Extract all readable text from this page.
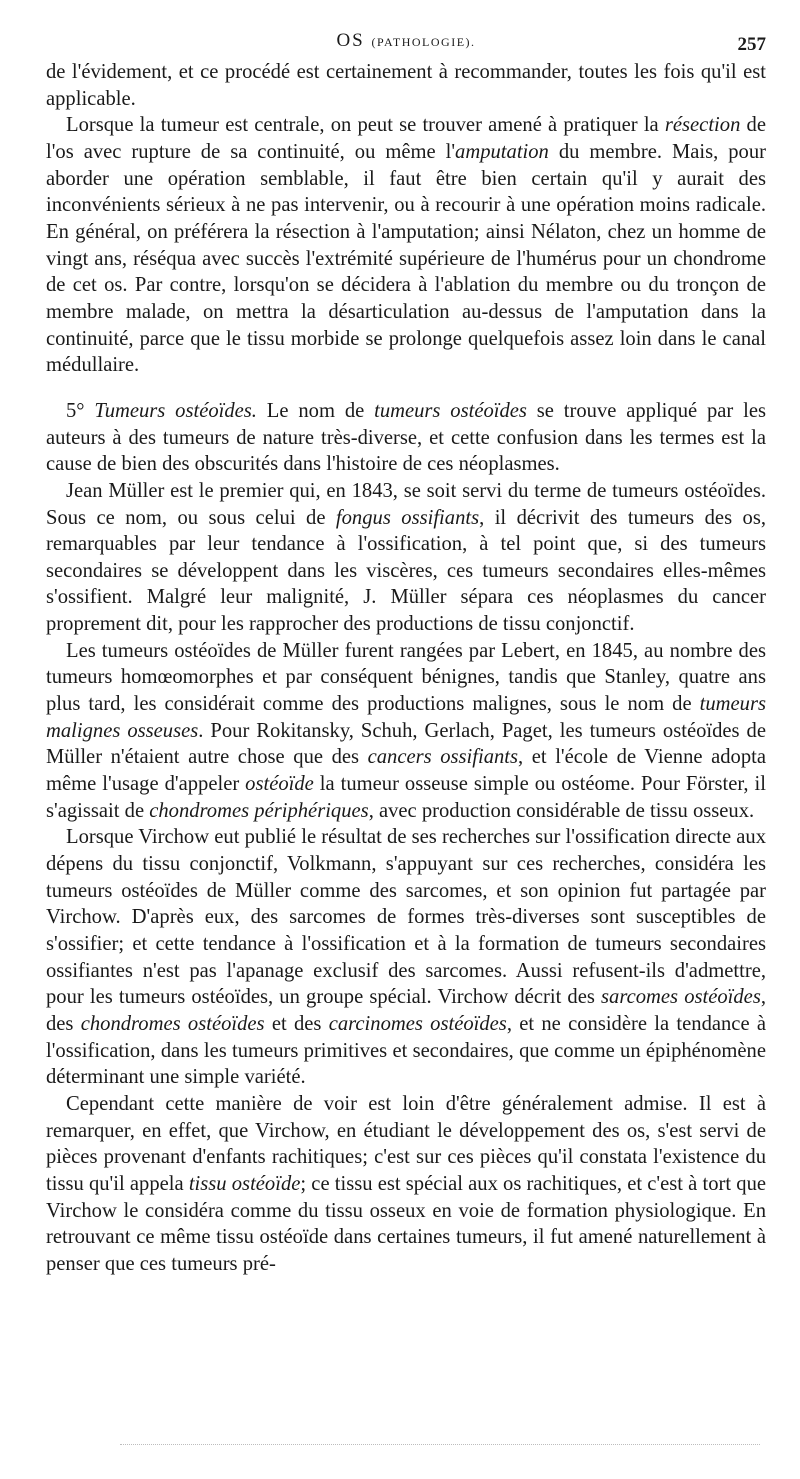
OS (PATHOLOGIE).	257

de l'évidement, et ce procédé est certainement à recommander, toutes les fois qu'il est applicable.

Lorsque la tumeur est centrale, on peut se trouver amené à pratiquer la résection de l'os avec rupture de sa continuité, ou même l'amputation du membre. Mais, pour aborder une opération semblable, il faut être bien certain qu'il y aurait des inconvénients sérieux à ne pas intervenir, ou à recourir à une opération moins radicale. En général, on préférera la résection à l'amputation; ainsi Nélaton, chez un homme de vingt ans, réséqua avec succès l'extrémité supérieure de l'humérus pour un chondrome de cet os. Par contre, lorsqu'on se décidera à l'ablation du membre ou du tronçon de membre malade, on mettra la désarticulation au-dessus de l'amputation dans la continuité, parce que le tissu morbide se prolonge quelquefois assez loin dans le canal médullaire.

5° Tumeurs ostéoïdes. Le nom de tumeurs ostéoïdes se trouve appliqué par les auteurs à des tumeurs de nature très-diverse, et cette confusion dans les termes est la cause de bien des obscurités dans l'histoire de ces néoplasmes.

Jean Müller est le premier qui, en 1843, se soit servi du terme de tumeurs ostéoïdes. Sous ce nom, ou sous celui de fongus ossifiants, il décrivit des tumeurs des os, remarquables par leur tendance à l'ossification, à tel point que, si des tumeurs secondaires se développent dans les viscères, ces tumeurs secondaires elles-mêmes s'ossifient. Malgré leur malignité, J. Müller sépara ces néoplasmes du cancer proprement dit, pour les rapprocher des productions de tissu conjonctif.

Les tumeurs ostéoïdes de Müller furent rangées par Lebert, en 1845, au nombre des tumeurs homœomorphes et par conséquent bénignes, tandis que Stanley, quatre ans plus tard, les considérait comme des productions malignes, sous le nom de tumeurs malignes osseuses. Pour Rokitansky, Schuh, Gerlach, Paget, les tumeurs ostéoïdes de Müller n'étaient autre chose que des cancers ossifiants, et l'école de Vienne adopta même l'usage d'appeler ostéoïde la tumeur osseuse simple ou ostéome. Pour Förster, il s'agissait de chondromes périphériques, avec production considérable de tissu osseux.

Lorsque Virchow eut publié le résultat de ses recherches sur l'ossification directe aux dépens du tissu conjonctif, Volkmann, s'appuyant sur ces recherches, considéra les tumeurs ostéoïdes de Müller comme des sarcomes, et son opinion fut partagée par Virchow. D'après eux, des sarcomes de formes très-diverses sont susceptibles de s'ossifier; et cette tendance à l'ossification et à la formation de tumeurs secondaires ossifiantes n'est pas l'apanage exclusif des sarcomes. Aussi refusent-ils d'admettre, pour les tumeurs ostéoïdes, un groupe spécial. Virchow décrit des sarcomes ostéoïdes, des chondromes ostéoïdes et des carcinomes ostéoïdes, et ne considère la tendance à l'ossification, dans les tumeurs primitives et secondaires, que comme un épiphénomène déterminant une simple variété.

Cependant cette manière de voir est loin d'être généralement admise. Il est à remarquer, en effet, que Virchow, en étudiant le développement des os, s'est servi de pièces provenant d'enfants rachitiques; c'est sur ces pièces qu'il constata l'existence du tissu qu'il appela tissu ostéoïde; ce tissu est spécial aux os rachitiques, et c'est à tort que Virchow le considéra comme du tissu osseux en voie de formation physiologique. En retrouvant ce même tissu ostéoïde dans certaines tumeurs, il fut amené naturellement à penser que ces tumeurs pré-
